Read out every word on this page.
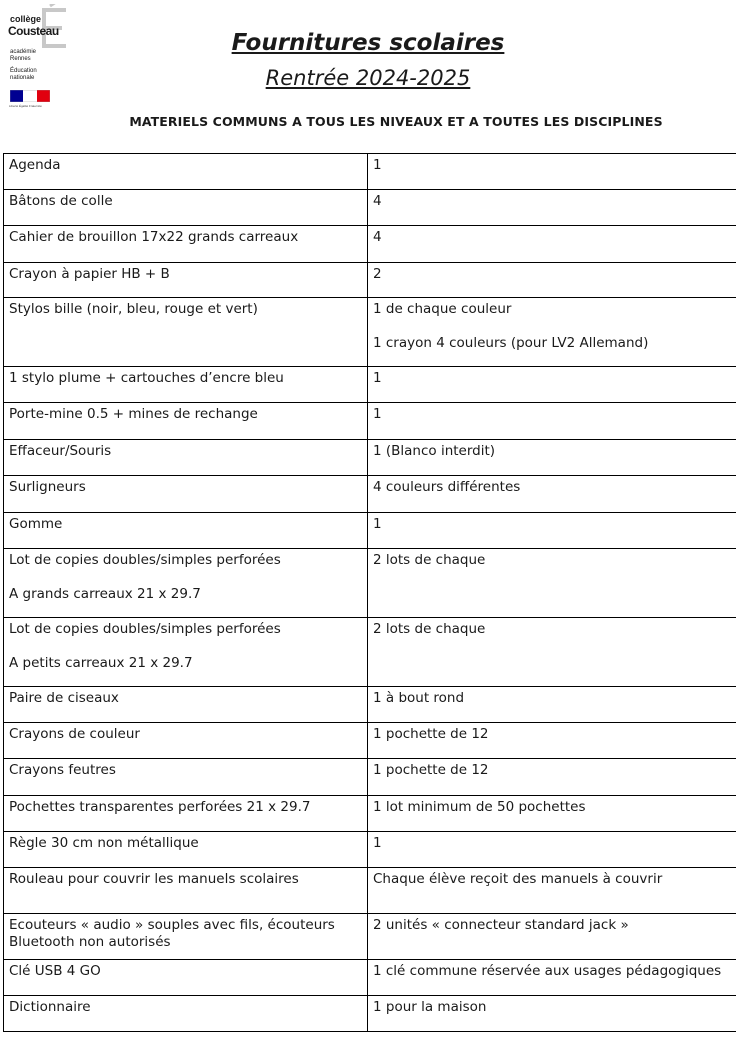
collège
Cousteau
académie Rennes
Éducation nationale
Liberté Égalité Fraternité
Fournitures scolaires
Rentrée 2024-2025
MATERIELS COMMUNS A TOUS LES NIVEAUX ET A TOUTES LES DISCIPLINES
Agenda	1

Bâtons de colle	4

Cahier de brouillon 17x22 grands carreaux	4

Crayon à papier HB + B	2

Stylos bille (noir, bleu, rouge et vert)	1 de chaque couleur
1 crayon 4 couleurs (pour LV2 Allemand)

1 stylo plume + cartouches d’encre bleu	1

Porte-mine 0.5 + mines de rechange	1

Effaceur/Souris	1 (Blanco interdit)

Surligneurs	4 couleurs différentes

Gomme	1

Lot de copies doubles/simples perforées
A grands carreaux 21 x 29.7	2 lots de chaque

Lot de copies doubles/simples perforées
A petits carreaux 21 x 29.7	2 lots de chaque

Paire de ciseaux	1 à bout rond

Crayons de couleur	1 pochette de 12

Crayons feutres	1 pochette de 12

Pochettes transparentes perforées 21 x 29.7	1 lot minimum de 50 pochettes

Règle 30 cm non métallique	1

Rouleau pour couvrir les manuels scolaires	Chaque élève reçoit des manuels à couvrir

Ecouteurs « audio » souples avec fils, écouteurs Bluetooth non autorisés	2 unités « connecteur standard jack »

Clé USB 4 GO	1 clé commune réservée aux usages pédagogiques

Dictionnaire	1 pour la maison
